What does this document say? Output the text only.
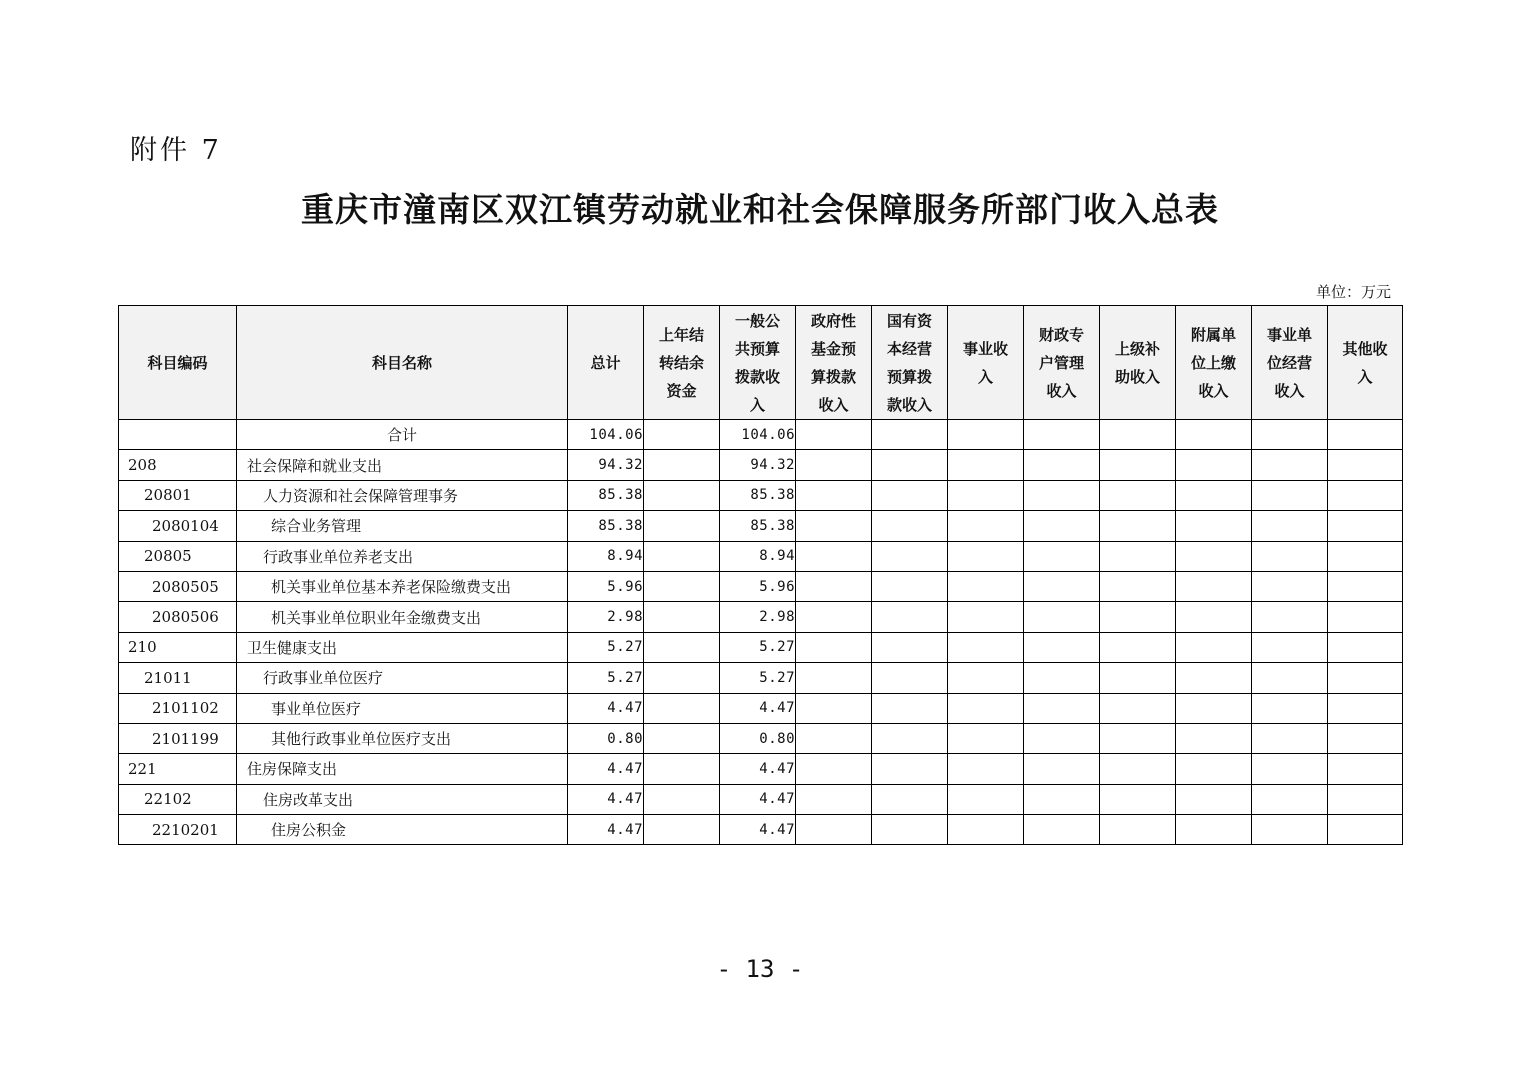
附件 7
重庆市潼南区双江镇劳动就业和社会保障服务所部门收入总表
单位：万元
科目编码	科目名称	总计	上年结转结余资金	一般公共预算拨款收入	政府性基金预算拨款收入	国有资本经营预算拨款收入	事业收入	财政专户管理收入	上级补助收入	附属单位上缴收入	事业单位经营收入	其他收入

	合计	104.06		104.06								
208	社会保障和就业支出	94.32		94.32								
20801	人力资源和社会保障管理事务	85.38		85.38								
2080104	综合业务管理	85.38		85.38								
20805	行政事业单位养老支出	8.94		8.94								
2080505	机关事业单位基本养老保险缴费支出	5.96		5.96								
2080506	机关事业单位职业年金缴费支出	2.98		2.98								
210	卫生健康支出	5.27		5.27								
21011	行政事业单位医疗	5.27		5.27								
2101102	事业单位医疗	4.47		4.47								
2101199	其他行政事业单位医疗支出	0.80		0.80								
221	住房保障支出	4.47		4.47								
22102	住房改革支出	4.47		4.47								
2210201	住房公积金	4.47		4.47								
- 13 -
